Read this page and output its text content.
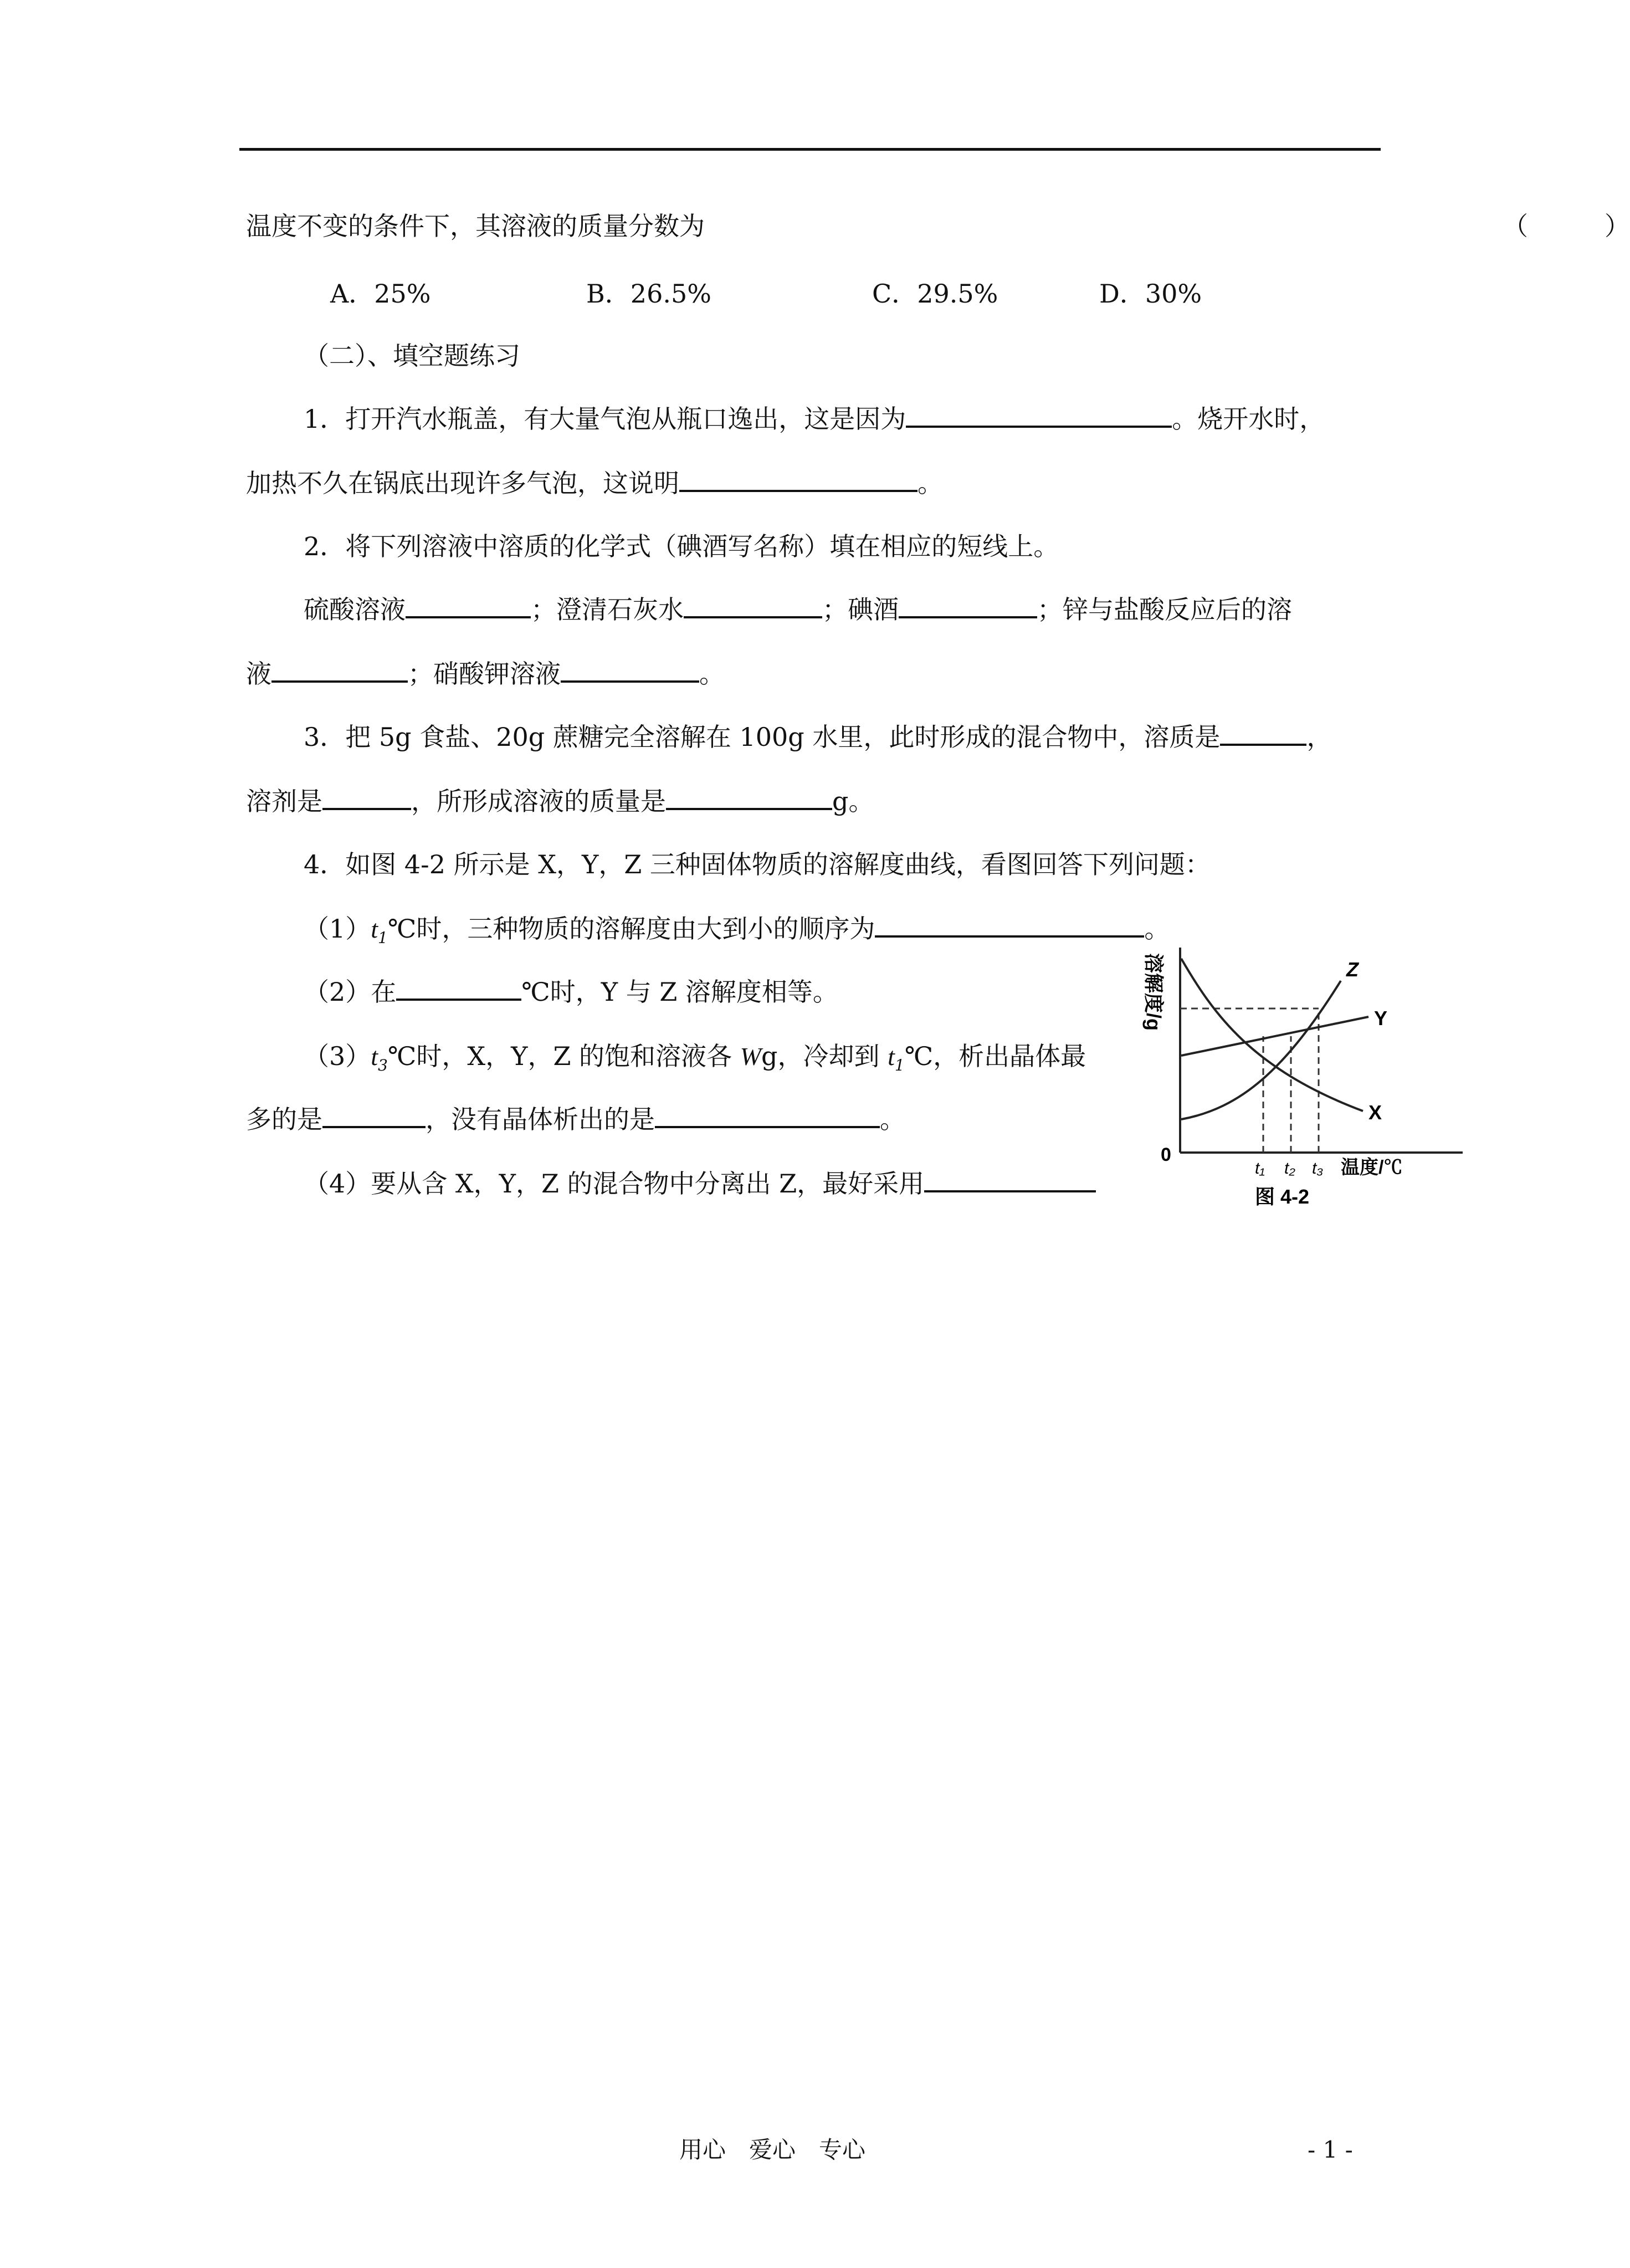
温度不变的条件下，其溶液的质量分数为	（　　　）
A．25%	B．26.5%	C．29.5%	D．30%
（二）、填空题练习
1．打开汽水瓶盖，有大量气泡从瓶口逸出，这是因为	。烧开水时，
加热不久在锅底出现许多气泡，这说明	。
2．将下列溶液中溶质的化学式（碘酒写名称）填在相应的短线上。
硫酸溶液	；澄清石灰水	；碘酒	；锌与盐酸反应后的溶
液	；硝酸钾溶液	。
3．把 5g 食盐、20g 蔗糖完全溶解在 100g 水里，此时形成的混合物中，溶质是	，
溶剂是	，所形成溶液的质量是	g。
4．如图 4-2 所示是 X，Y，Z 三种固体物质的溶解度曲线，看图回答下列问题：
$(1)t_1℃$时，三种物质的溶解度由大到小的顺序为	。
（2）在	℃时，Y 与 Z 溶解度相等。
$(3)t_3℃$时，X，Y，Z 的饱和溶液各 Wg，冷却到 $t_1℃$，析出晶体最
多的是	，没有晶体析出的是	。
（4）要从含 X，Y，Z 的混合物中分离出 Z，最好采用
溶解度/g
0
t₁ t₂ t₃ 温度/℃
Z
Y
X
图 4-2
用心　爱心　专心	- 1 -
